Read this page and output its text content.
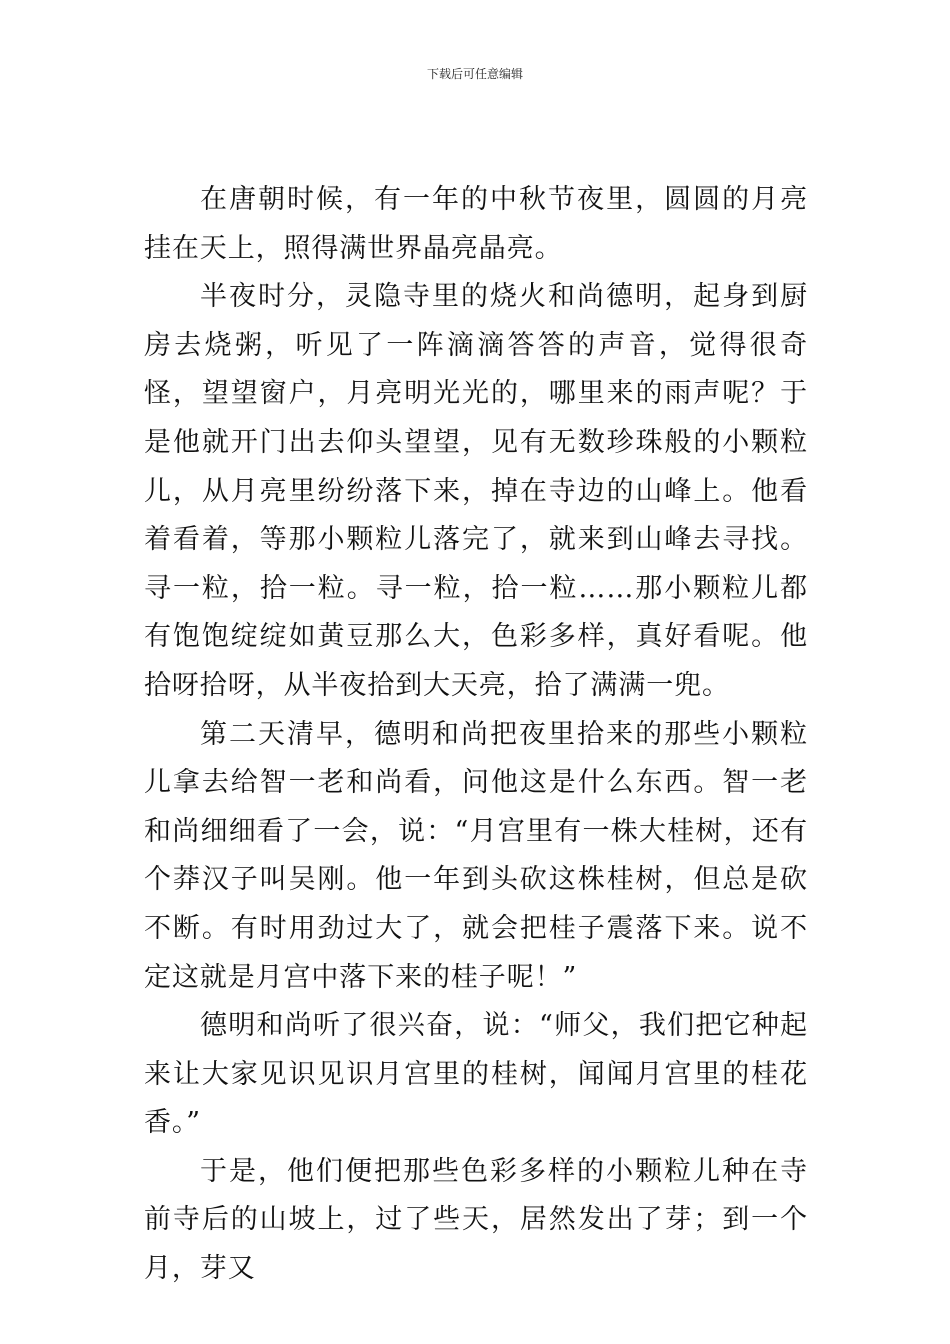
下载后可任意编辑

在唐朝时候，有一年的中秋节夜里，圆圆的月亮挂在天上，照得满世界晶亮晶亮。

半夜时分，灵隐寺里的烧火和尚德明，起身到厨房去烧粥，听见了一阵滴滴答答的声音，觉得很奇怪，望望窗户，月亮明光光的，哪里来的雨声呢？于是他就开门出去仰头望望，见有无数珍珠般的小颗粒儿，从月亮里纷纷落下来，掉在寺边的山峰上。他看着看着，等那小颗粒儿落完了，就来到山峰去寻找。寻一粒，拾一粒。寻一粒，拾一粒……那小颗粒儿都有饱饱绽绽如黄豆那么大，色彩多样，真好看呢。他拾呀拾呀，从半夜拾到大天亮，拾了满满一兜。

第二天清早，德明和尚把夜里拾来的那些小颗粒儿拿去给智一老和尚看，问他这是什么东西。智一老和尚细细看了一会，说：“月宫里有一株大桂树，还有个莽汉子叫吴刚。他一年到头砍这株桂树，但总是砍不断。有时用劲过大了，就会把桂子震落下来。说不定这就是月宫中落下来的桂子呢！”

德明和尚听了很兴奋，说：“师父，我们把它种起来让大家见识见识月宫里的桂树，闻闻月宫里的桂花香。”

于是，他们便把那些色彩多样的小颗粒儿种在寺前寺后的山坡上，过了些天，居然发出了芽；到一个月，芽又
